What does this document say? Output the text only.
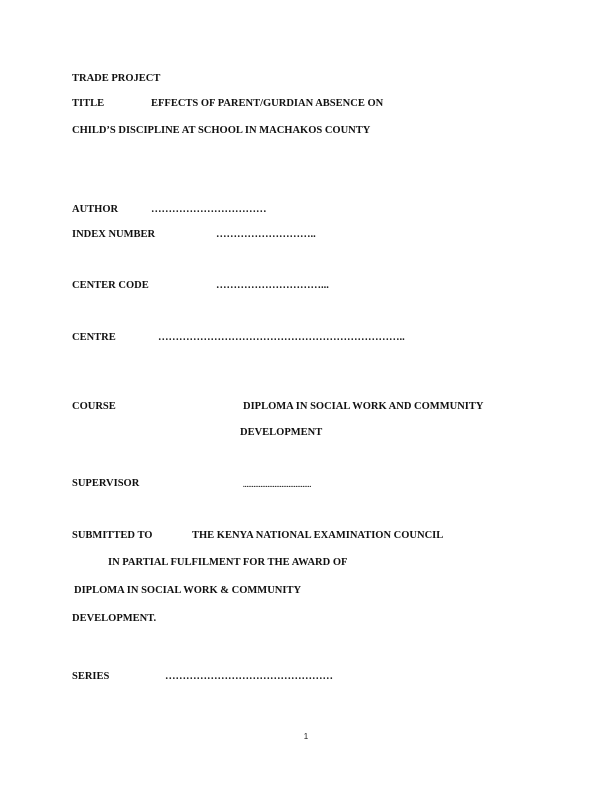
TRADE PROJECT
TITLE	EFFECTS OF PARENT/GURDIAN ABSENCE ON
CHILD’S DISCIPLINE AT SCHOOL IN MACHAKOS COUNTY
AUTHOR	……………………………
INDEX NUMBER	………………………..
CENTER CODE	…………………………...
CENTRE	……………………………………………………………..
COURSE	DIPLOMA IN SOCIAL WORK AND COMMUNITY
DEVELOPMENT
SUPERVISOR	.......................................
SUBMITTED TO	THE KENYA NATIONAL EXAMINATION COUNCIL
IN PARTIAL FULFILMENT FOR THE AWARD OF
DIPLOMA IN SOCIAL WORK & COMMUNITY
DEVELOPMENT.
SERIES	…………………………………………
1
